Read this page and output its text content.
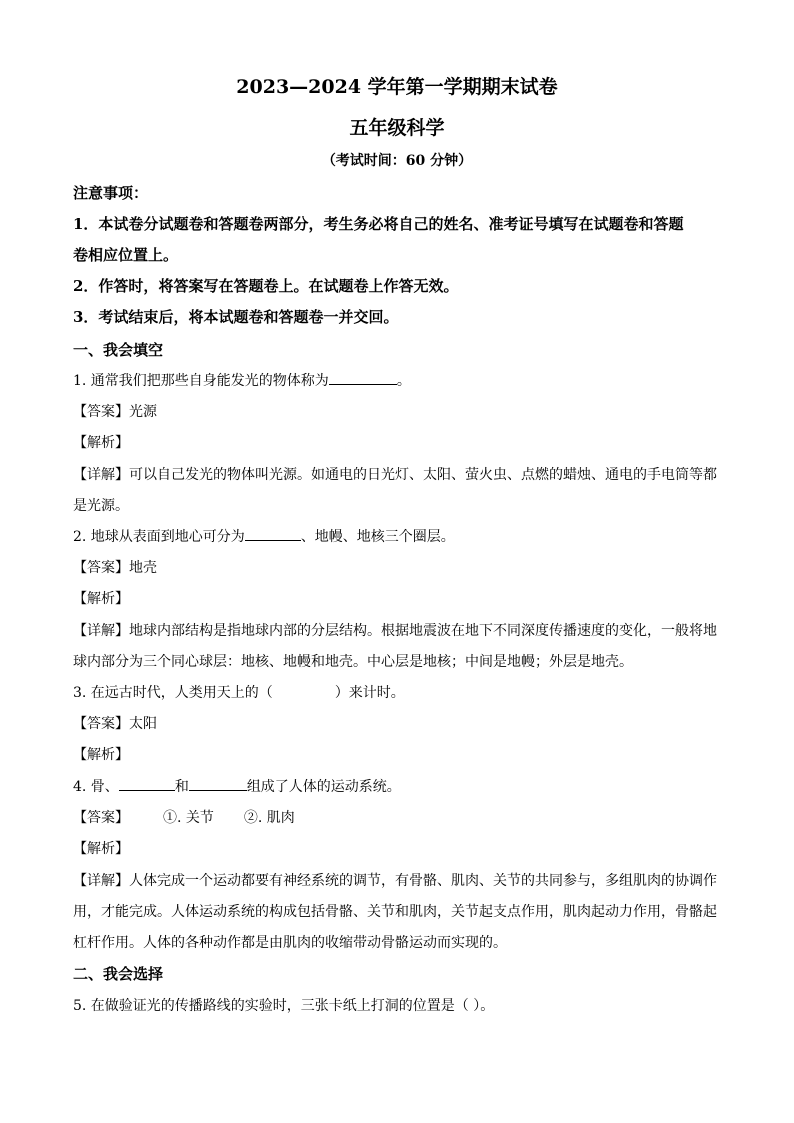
2023—2024 学年第一学期期末试卷
五年级科学
（考试时间：60 分钟）
注意事项：
1．本试卷分试题卷和答题卷两部分，考生务必将自己的姓名、准考证号填写在试题卷和答题
卷相应位置上。
2．作答时，将答案写在答题卷上。在试题卷上作答无效。
3．考试结束后，将本试题卷和答题卷一并交回。
一、我会填空
1. 通常我们把那些自身能发光的物体称为	。
【答案】光源
【解析】
【详解】可以自己发光的物体叫光源。如通电的日光灯、太阳、萤火虫、点燃的蜡烛、通电的手电筒等都
是光源。
2. 地球从表面到地心可分为	、地幔、地核三个圈层。
【答案】地壳
【解析】
【详解】地球内部结构是指地球内部的分层结构。根据地震波在地下不同深度传播速度的变化，一般将地
球内部分为三个同心球层：地核、地幔和地壳。中心层是地核；中间是地幔；外层是地壳。
3. 在远古时代，人类用天上的（	）来计时。
【答案】太阳
【解析】
4. 骨、	和	组成了人体的运动系统。
【答案】 ①. 关节 ②. 肌肉
【解析】
【详解】人体完成一个运动都要有神经系统的调节，有骨骼、肌肉、关节的共同参与，多组肌肉的协调作
用，才能完成。人体运动系统的构成包括骨骼、关节和肌肉，关节起支点作用，肌肉起动力作用，骨骼起
杠杆作用。人体的各种动作都是由肌肉的收缩带动骨骼运动而实现的。
二、我会选择
5. 在做验证光的传播路线的实验时，三张卡纸上打洞的位置是（ ）。
